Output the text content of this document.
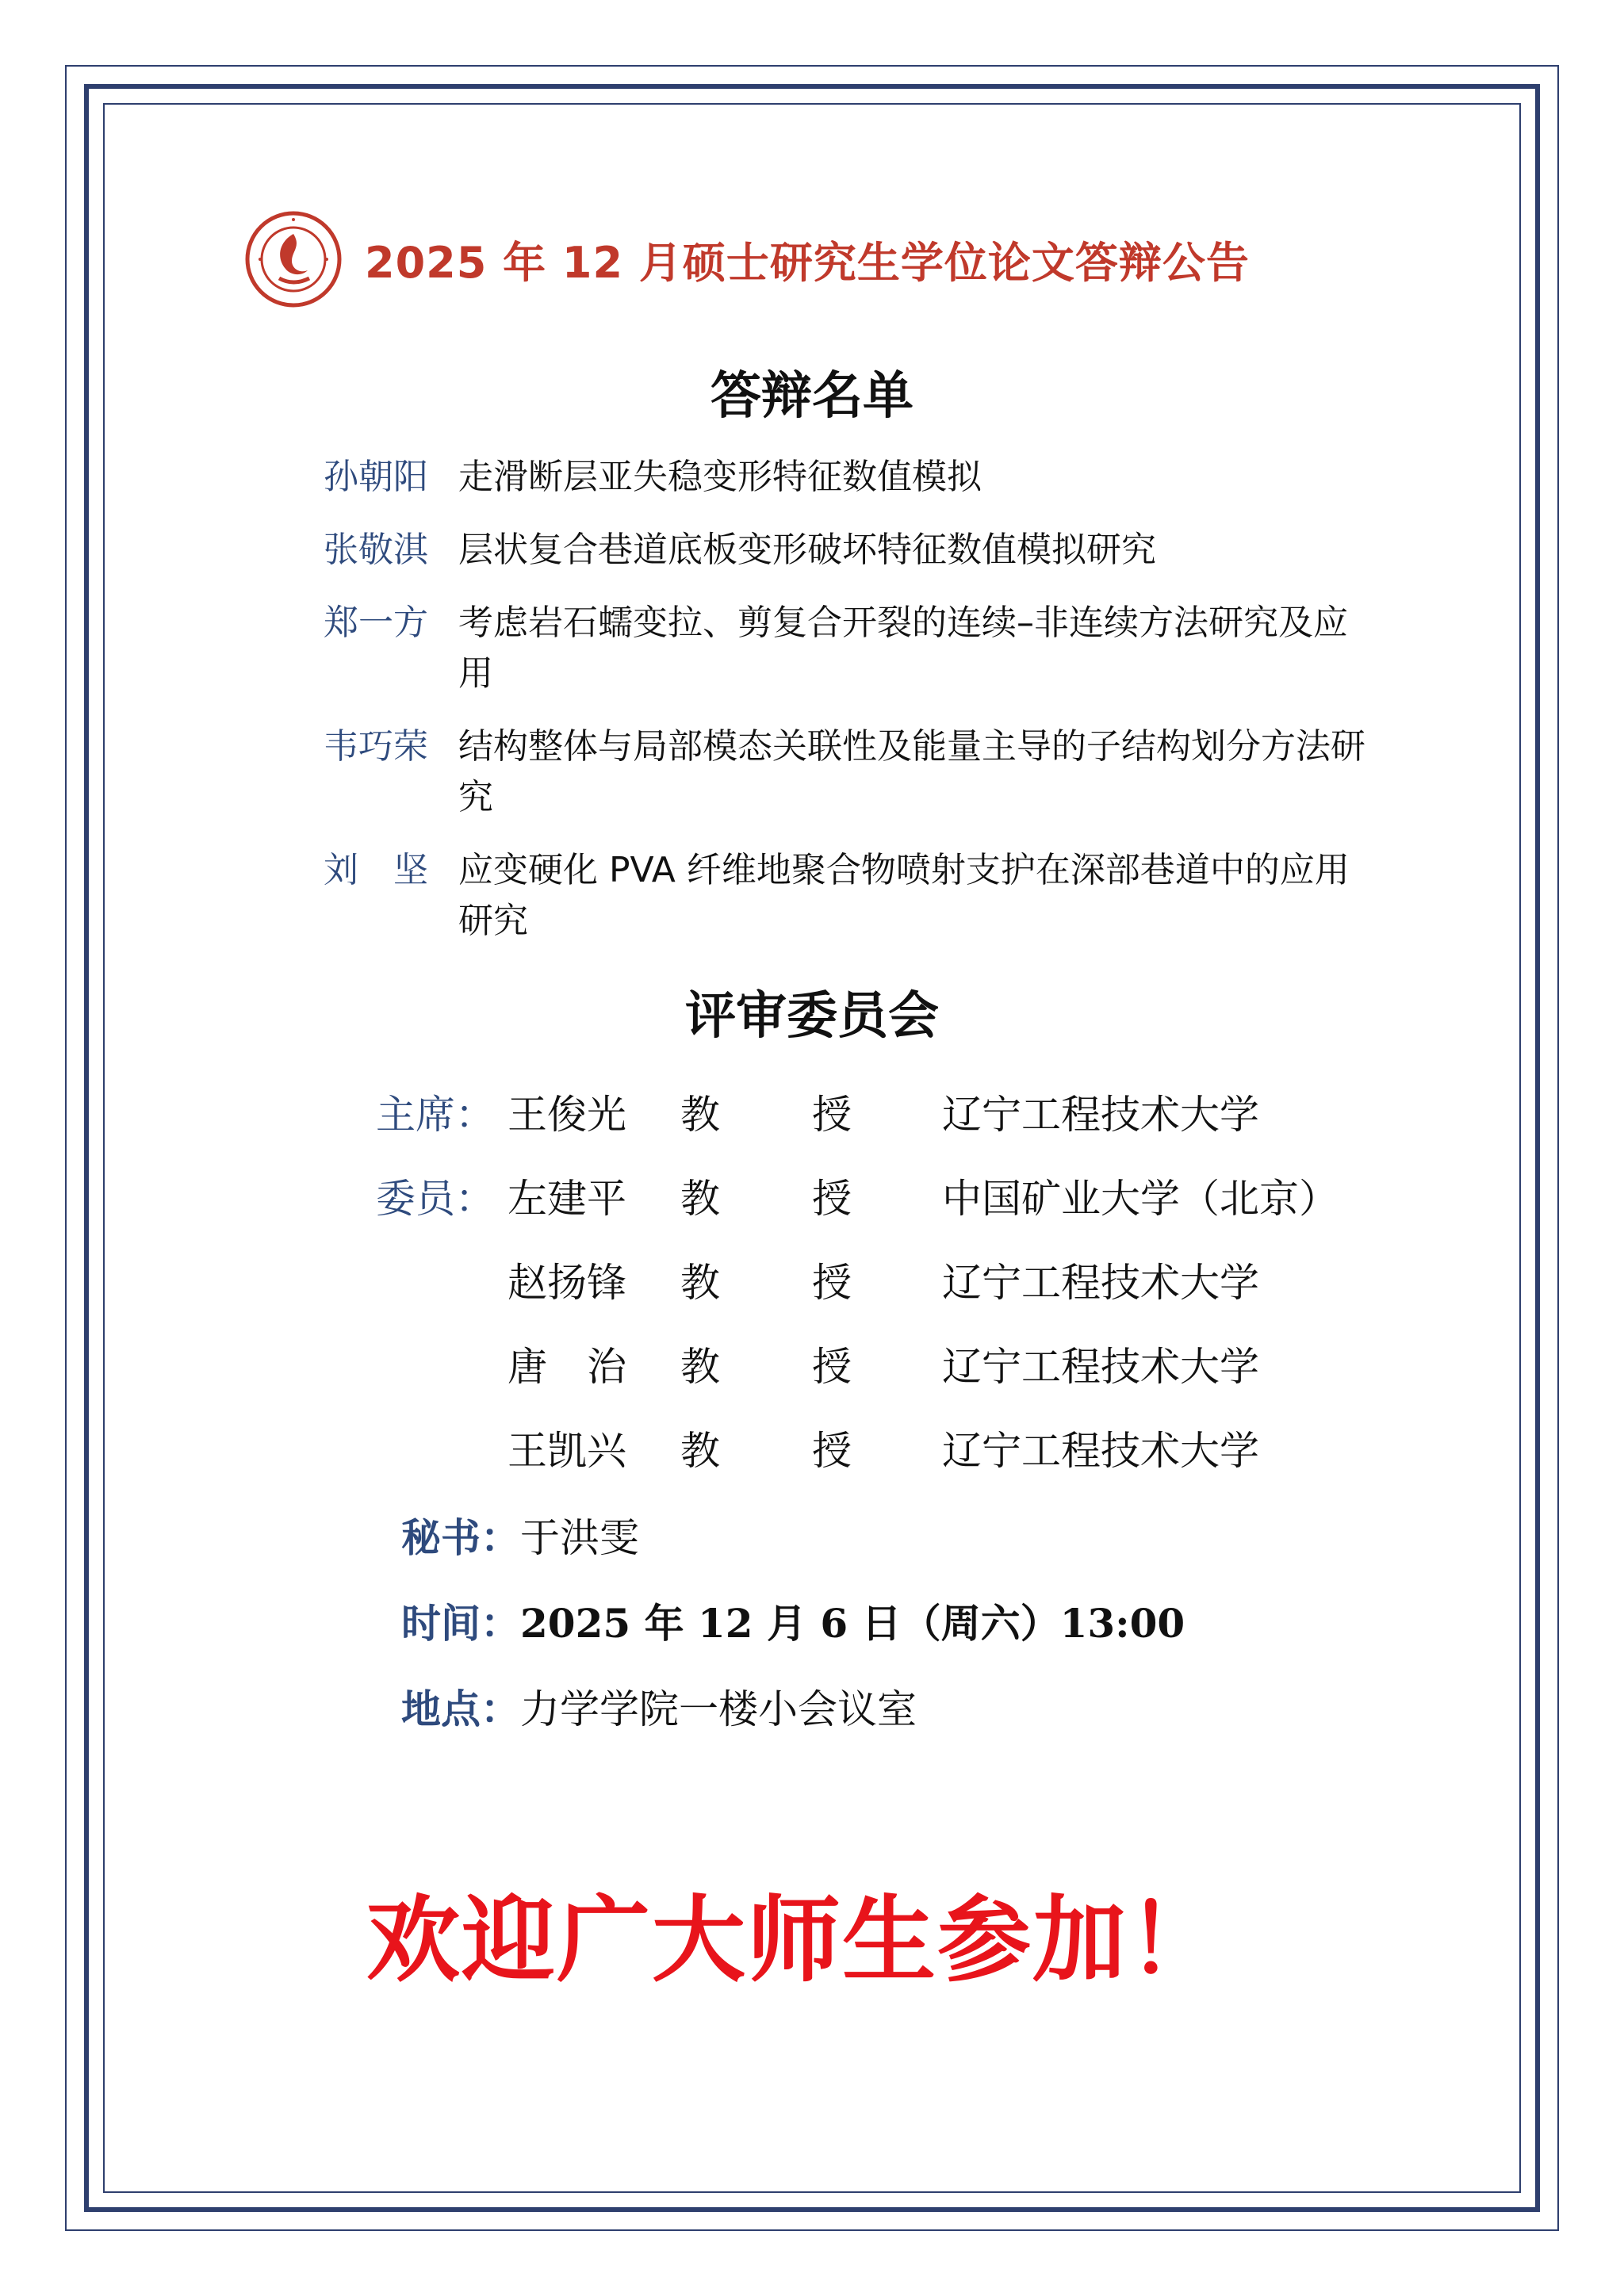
2025 年 12 月硕士研究生学位论文答辩公告
答辩名单
孙朝阳 走滑断层亚失稳变形特征数值模拟
张敬淇 层状复合巷道底板变形破坏特征数值模拟研究
郑一方 考虑岩石蠕变拉、剪复合开裂的连续–非连续方法研究及应用
韦巧荣 结构整体与局部模态关联性及能量主导的子结构划分方法研究
刘　坚 应变硬化 PVA 纤维地聚合物喷射支护在深部巷道中的应用研究
评审委员会
主席： 王俊光 教 授 辽宁工程技术大学
委员： 左建平 教 授 中国矿业大学（北京）
赵扬锋 教 授 辽宁工程技术大学
唐　治 教 授 辽宁工程技术大学
王凯兴 教 授 辽宁工程技术大学
秘书：于洪雯
时间：2025 年 12 月 6 日（周六）13:00
地点：力学学院一楼小会议室
欢迎广大师生参加！
